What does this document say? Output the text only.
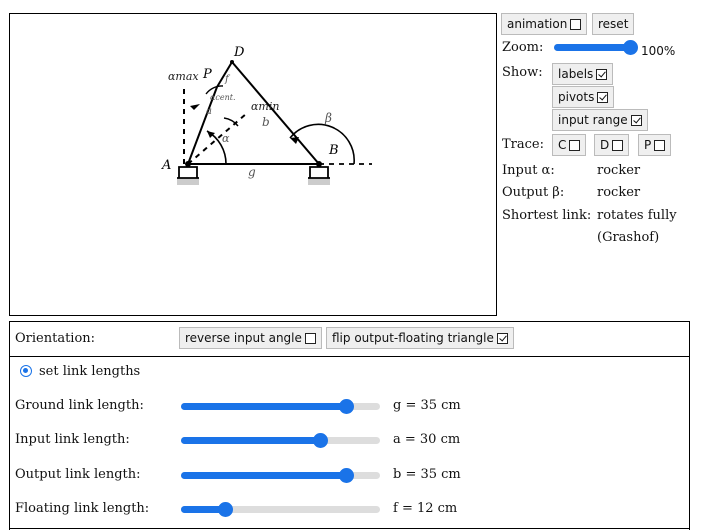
D
P
A
B
αmax
αmin
b
g
β
α
f
a
αcent.
animation	reset
Zoom:	100%
Show: labels
pivots
input range
Trace: C	D	P
Input α:	rocker
Output β:	rocker
Shortest link: rotates fully
(Grashof)
Orientation:	reverse input angle	flip output-floating triangle
set link lengths
Ground link length:	g = 35 cm
Input link length:	a = 30 cm
Output link length:	b = 35 cm
Floating link length:	f = 12 cm
